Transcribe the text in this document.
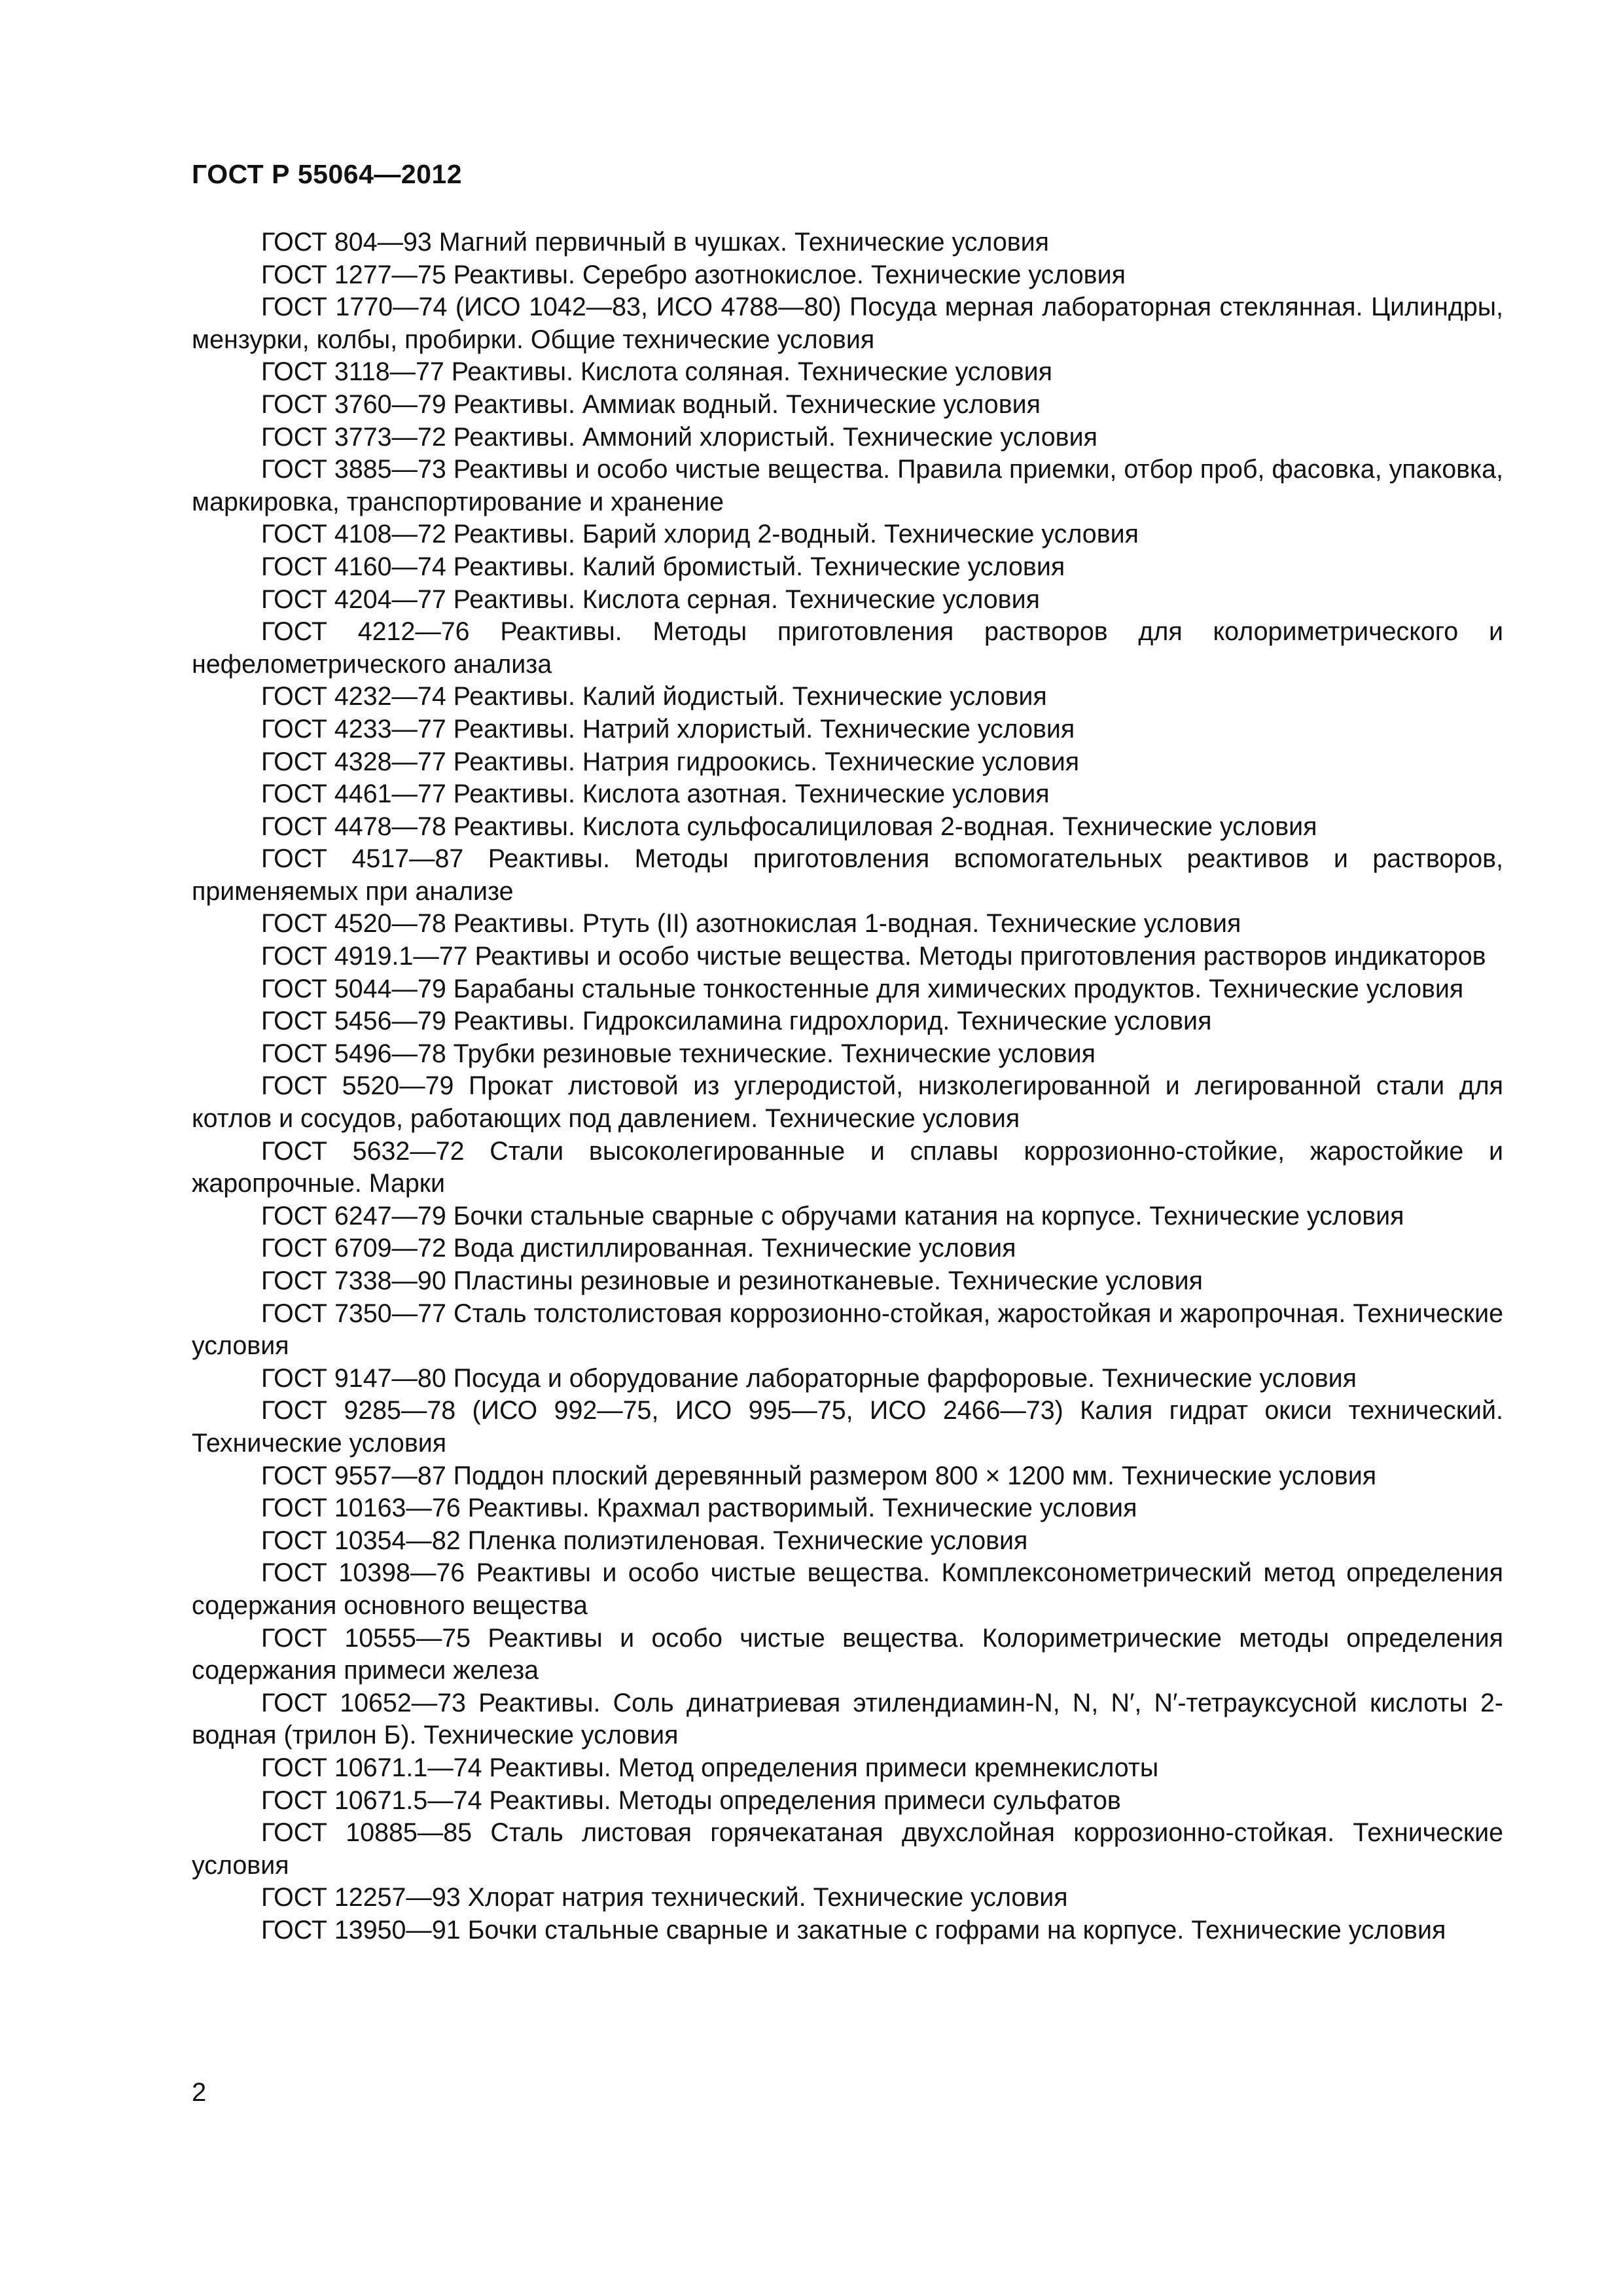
ГОСТ Р 55064—2012
ГОСТ 804—93 Магний первичный в чушках. Технические условия
ГОСТ 1277—75 Реактивы. Серебро азотнокислое. Технические условия
ГОСТ 1770—74 (ИСО 1042—83, ИСО 4788—80) Посуда мерная лабораторная стеклянная. Цилиндры, мензурки, колбы, пробирки. Общие технические условия
ГОСТ 3118—77 Реактивы. Кислота соляная. Технические условия
ГОСТ 3760—79 Реактивы. Аммиак водный. Технические условия
ГОСТ 3773—72 Реактивы. Аммоний хлористый. Технические условия
ГОСТ 3885—73 Реактивы и особо чистые вещества. Правила приемки, отбор проб, фасовка, упаковка, маркировка, транспортирование и хранение
ГОСТ 4108—72 Реактивы. Барий хлорид 2-водный. Технические условия
ГОСТ 4160—74 Реактивы. Калий бромистый. Технические условия
ГОСТ 4204—77 Реактивы. Кислота серная. Технические условия
ГОСТ 4212—76 Реактивы. Методы приготовления растворов для колориметрического и нефелометрического анализа
ГОСТ 4232—74 Реактивы. Калий йодистый. Технические условия
ГОСТ 4233—77 Реактивы. Натрий хлористый. Технические условия
ГОСТ 4328—77 Реактивы. Натрия гидроокись. Технические условия
ГОСТ 4461—77 Реактивы. Кислота азотная. Технические условия
ГОСТ 4478—78 Реактивы. Кислота сульфосалициловая 2-водная. Технические условия
ГОСТ 4517—87 Реактивы. Методы приготовления вспомогательных реактивов и растворов, применяемых при анализе
ГОСТ 4520—78 Реактивы. Ртуть (II) азотнокислая 1-водная. Технические условия
ГОСТ 4919.1—77 Реактивы и особо чистые вещества. Методы приготовления растворов индикаторов
ГОСТ 5044—79 Барабаны стальные тонкостенные для химических продуктов. Технические условия
ГОСТ 5456—79 Реактивы. Гидроксиламина гидрохлорид. Технические условия
ГОСТ 5496—78 Трубки резиновые технические. Технические условия
ГОСТ 5520—79 Прокат листовой из углеродистой, низколегированной и легированной стали для котлов и сосудов, работающих под давлением. Технические условия
ГОСТ 5632—72 Стали высоколегированные и сплавы коррозионно-стойкие, жаростойкие и жаропрочные. Марки
ГОСТ 6247—79 Бочки стальные сварные с обручами катания на корпусе. Технические условия
ГОСТ 6709—72 Вода дистиллированная. Технические условия
ГОСТ 7338—90 Пластины резиновые и резинотканевые. Технические условия
ГОСТ 7350—77 Сталь толстолистовая коррозионно-стойкая, жаростойкая и жаропрочная. Технические условия
ГОСТ 9147—80 Посуда и оборудование лабораторные фарфоровые. Технические условия
ГОСТ 9285—78 (ИСО 992—75, ИСО 995—75, ИСО 2466—73) Калия гидрат окиси технический. Технические условия
ГОСТ 9557—87 Поддон плоский деревянный размером 800 × 1200 мм. Технические условия
ГОСТ 10163—76 Реактивы. Крахмал растворимый. Технические условия
ГОСТ 10354—82 Пленка полиэтиленовая. Технические условия
ГОСТ 10398—76 Реактивы и особо чистые вещества. Комплексонометрический метод определения содержания основного вещества
ГОСТ 10555—75 Реактивы и особо чистые вещества. Колориметрические методы определения содержания примеси железа
ГОСТ 10652—73 Реактивы. Соль динатриевая этилендиамин-N, N, N′, N′-тетрауксусной кислоты 2-водная (трилон Б). Технические условия
ГОСТ 10671.1—74 Реактивы. Метод определения примеси кремнекислоты
ГОСТ 10671.5—74 Реактивы. Методы определения примеси сульфатов
ГОСТ 10885—85 Сталь листовая горячекатаная двухслойная коррозионно-стойкая. Технические условия
ГОСТ 12257—93 Хлорат натрия технический. Технические условия
ГОСТ 13950—91 Бочки стальные сварные и закатные с гофрами на корпусе. Технические условия
2
